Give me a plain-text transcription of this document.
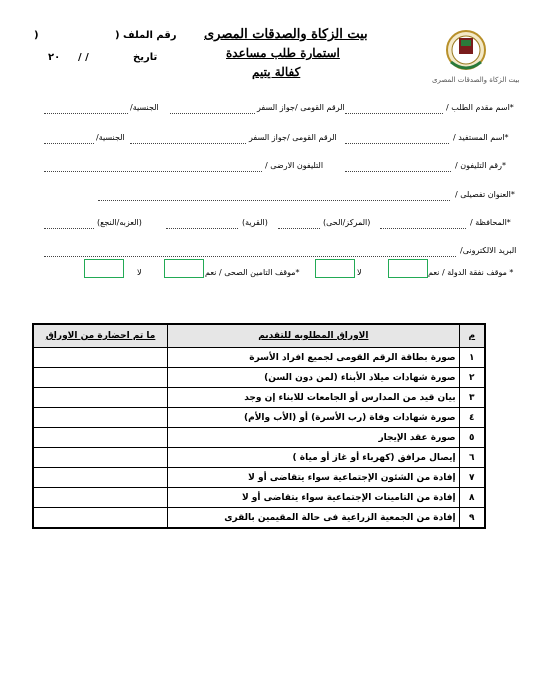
بيت الزكاة والصدقات المصرى
بيت الزكاة والصدقات المصرى
استمارة طلب مساعدة
كفالة يتيم
رقم الملف (
)
تاريخ
/ /
٢٠
*اسم مقدم الطلب /
الرقم القومى /جواز السفر
الجنسية/
*اسم المستفيد /
الرقم القومى /جواز السفر
الجنسية/
*رقم التليفون /
التليفون الارضى /
*العنوان تفصيلى /
*المحافظة /
(المركز/الحى)
(القرية)
(العزبه/النجع)
البريد الالكترونى/
* موقف نفقة الدولة / نعم
لا
*موقف التامين الصحى / نعم
لا
م	الاوراق المطلوبه للتقديم	ما تم احضارة من الاوراق
١	صورة بطاقة الرقم القومى لجميع افراد الأسرة	
٢	صورة شهادات ميلاد الأبناء (لمن دون السن)	
٣	بيان قيد من المدارس أو الجامعات للابناء إن وجد	
٤	صورة شهادات وفاة (رب الأسرة) أو (الأب والأم)	
٥	صورة عقد الإيجار	
٦	إيصال مرافق (كهرباء أو غاز أو مياة )	
٧	إفادة من الشئون الإجتماعية سواء يتقاضى أو لا	
٨	إفادة من التامينات الإجتماعية سواء يتقاضى أو لا	
٩	إفادة من الجمعية الزراعية فى حالة المقيمين بالقرى	
